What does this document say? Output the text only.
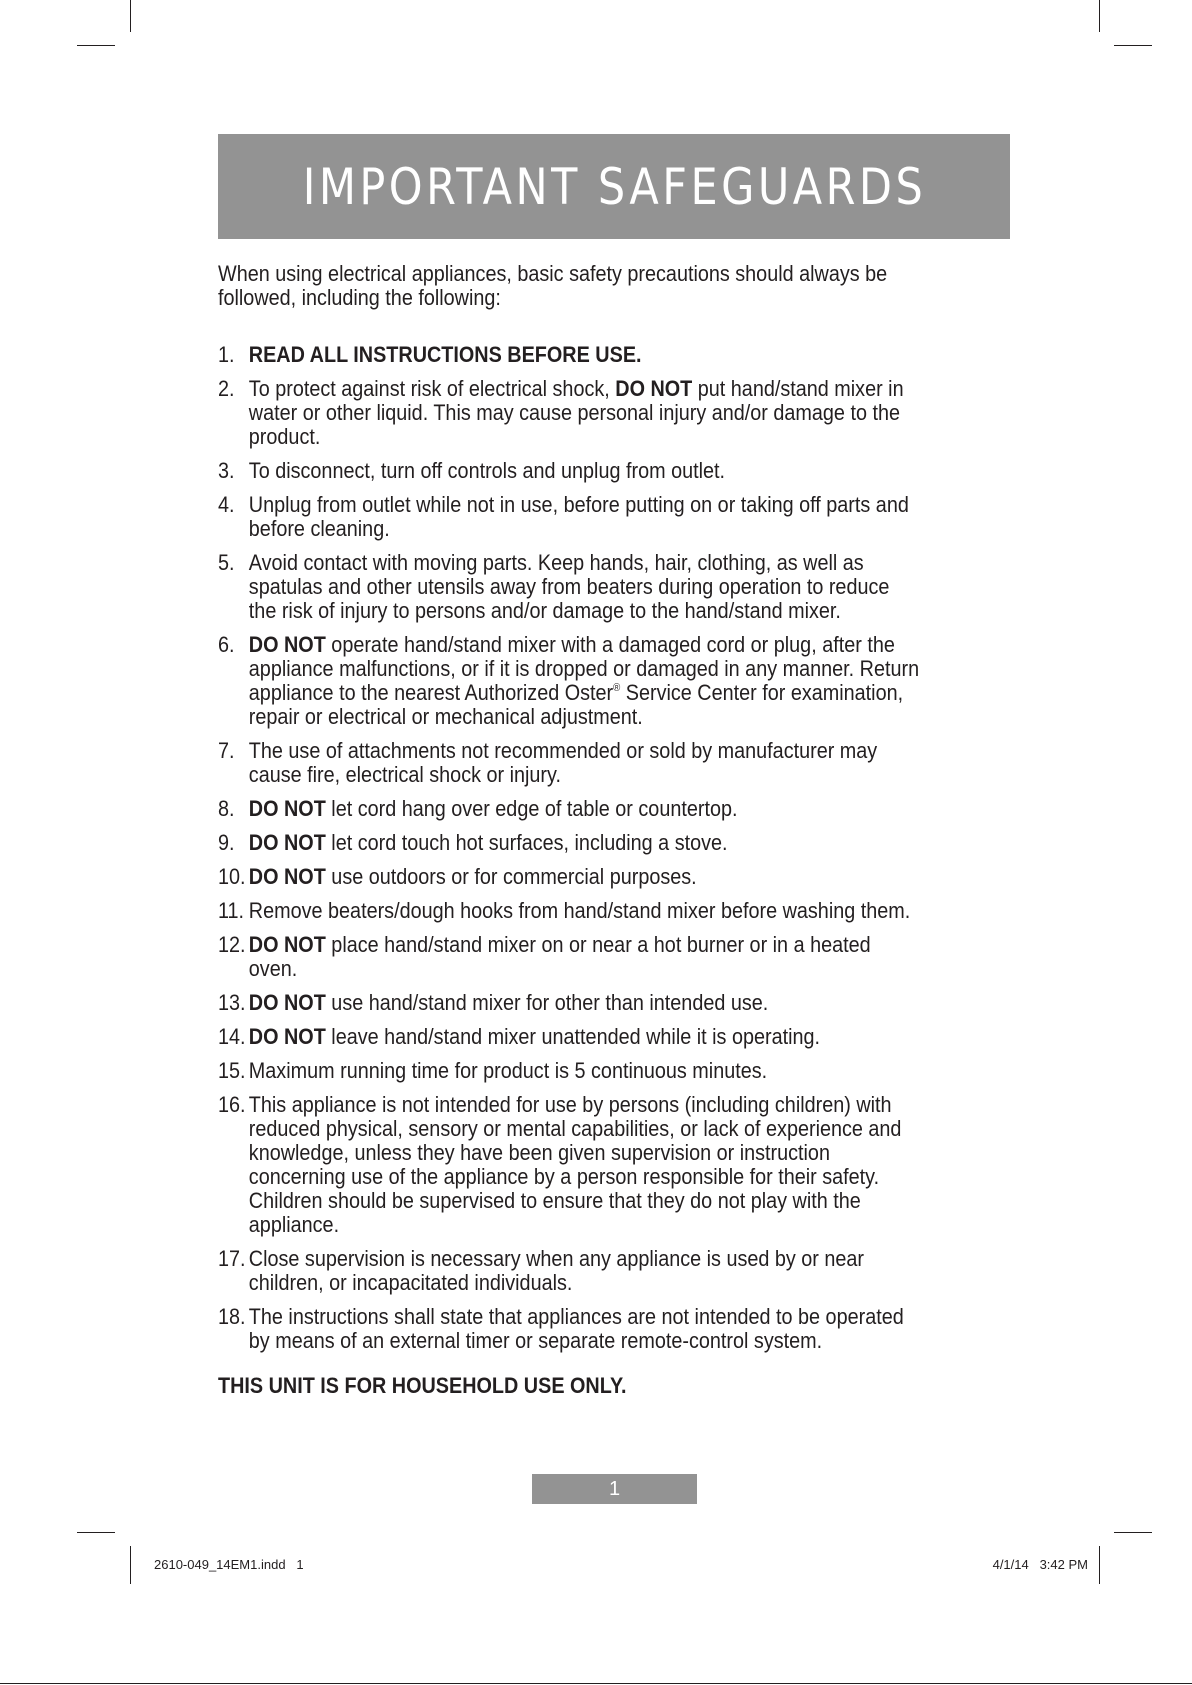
IMPORTANT SAFEGUARDS
When using electrical appliances, basic safety precautions should always be followed, including the following:
1. READ ALL INSTRUCTIONS BEFORE USE.
2. To protect against risk of electrical shock, DO NOT put hand/stand mixer in water or other liquid. This may cause personal injury and/or damage to the product.
3. To disconnect, turn off controls and unplug from outlet.
4. Unplug from outlet while not in use, before putting on or taking off parts and before cleaning.
5. Avoid contact with moving parts. Keep hands, hair, clothing, as well as spatulas and other utensils away from beaters during operation to reduce the risk of injury to persons and/or damage to the hand/stand mixer.
6. DO NOT operate hand/stand mixer with a damaged cord or plug, after the appliance malfunctions, or if it is dropped or damaged in any manner. Return appliance to the nearest Authorized Oster® Service Center for examination, repair or electrical or mechanical adjustment.
7. The use of attachments not recommended or sold by manufacturer may cause fire, electrical shock or injury.
8. DO NOT let cord hang over edge of table or countertop.
9. DO NOT let cord touch hot surfaces, including a stove.
10. DO NOT use outdoors or for commercial purposes.
11. Remove beaters/dough hooks from hand/stand mixer before washing them.
12. DO NOT place hand/stand mixer on or near a hot burner or in a heated oven.
13. DO NOT use hand/stand mixer for other than intended use.
14. DO NOT leave hand/stand mixer unattended while it is operating.
15. Maximum running time for product is 5 continuous minutes.
16. This appliance is not intended for use by persons (including children) with reduced physical, sensory or mental capabilities, or lack of experience and knowledge, unless they have been given supervision or instruction concerning use of the appliance by a person responsible for their safety. Children should be supervised to ensure that they do not play with the appliance.
17. Close supervision is necessary when any appliance is used by or near children, or incapacitated individuals.
18. The instructions shall state that appliances are not intended to be operated by means of an external timer or separate remote-control system.
THIS UNIT IS FOR HOUSEHOLD USE ONLY.
1
2610-049_14EM1.indd   1	4/1/14   3:42 PM
